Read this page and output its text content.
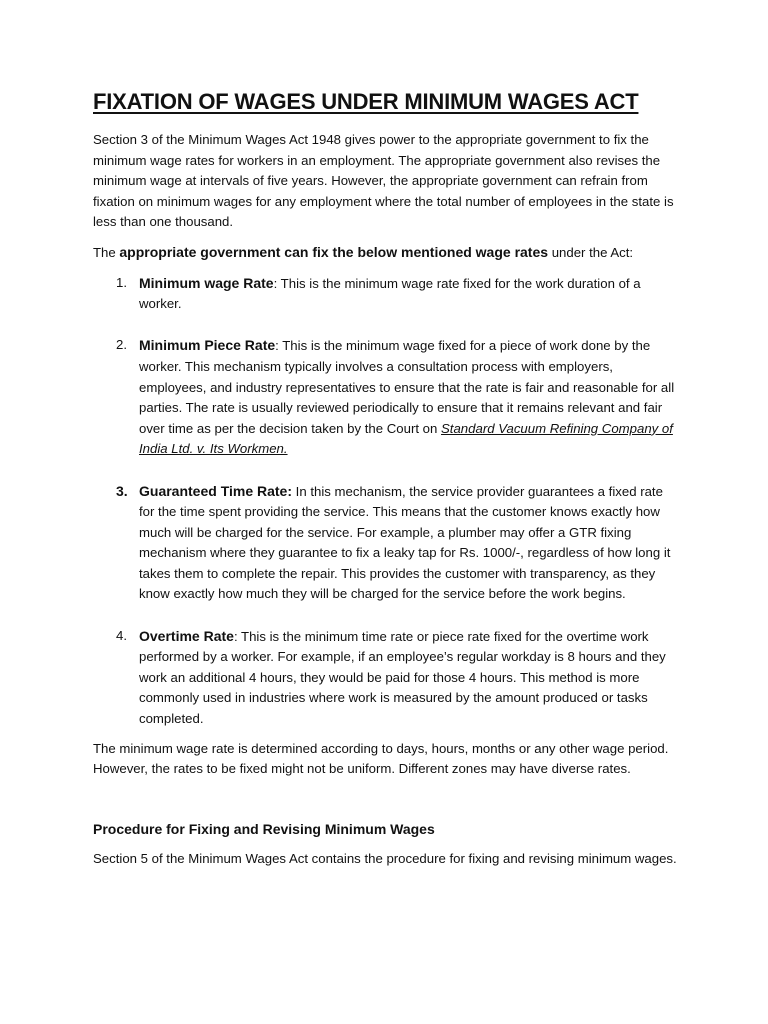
FIXATION OF WAGES UNDER MINIMUM WAGES ACT

Section 3 of the Minimum Wages Act 1948 gives power to the appropriate government to fix the minimum wage rates for workers in an employment. The appropriate government also revises the minimum wage at intervals of five years. However, the appropriate government can refrain from fixation on minimum wages for any employment where the total number of employees in the state is less than one thousand.

The appropriate government can fix the below mentioned wage rates under the Act:

1. Minimum wage Rate: This is the minimum wage rate fixed for the work duration of a worker.
2. Minimum Piece Rate: This is the minimum wage fixed for a piece of work done by the worker. This mechanism typically involves a consultation process with employers, employees, and industry representatives to ensure that the rate is fair and reasonable for all parties. The rate is usually reviewed periodically to ensure that it remains relevant and fair over time as per the decision taken by the Court on Standard Vacuum Refining Company of India Ltd. v. Its Workmen.
3. Guaranteed Time Rate: In this mechanism, the service provider guarantees a fixed rate for the time spent providing the service. This means that the customer knows exactly how much will be charged for the service. For example, a plumber may offer a GTR fixing mechanism where they guarantee to fix a leaky tap for Rs. 1000/-, regardless of how long it takes them to complete the repair. This provides the customer with transparency, as they know exactly how much they will be charged for the service before the work begins.
4. Overtime Rate: This is the minimum time rate or piece rate fixed for the overtime work performed by a worker. For example, if an employee’s regular workday is 8 hours and they work an additional 4 hours, they would be paid for those 4 hours. This method is more commonly used in industries where work is measured by the amount produced or tasks completed.

The minimum wage rate is determined according to days, hours, months or any other wage period. However, the rates to be fixed might not be uniform. Different zones may have diverse rates.

Procedure for Fixing and Revising Minimum Wages

Section 5 of the Minimum Wages Act contains the procedure for fixing and revising minimum wages.
